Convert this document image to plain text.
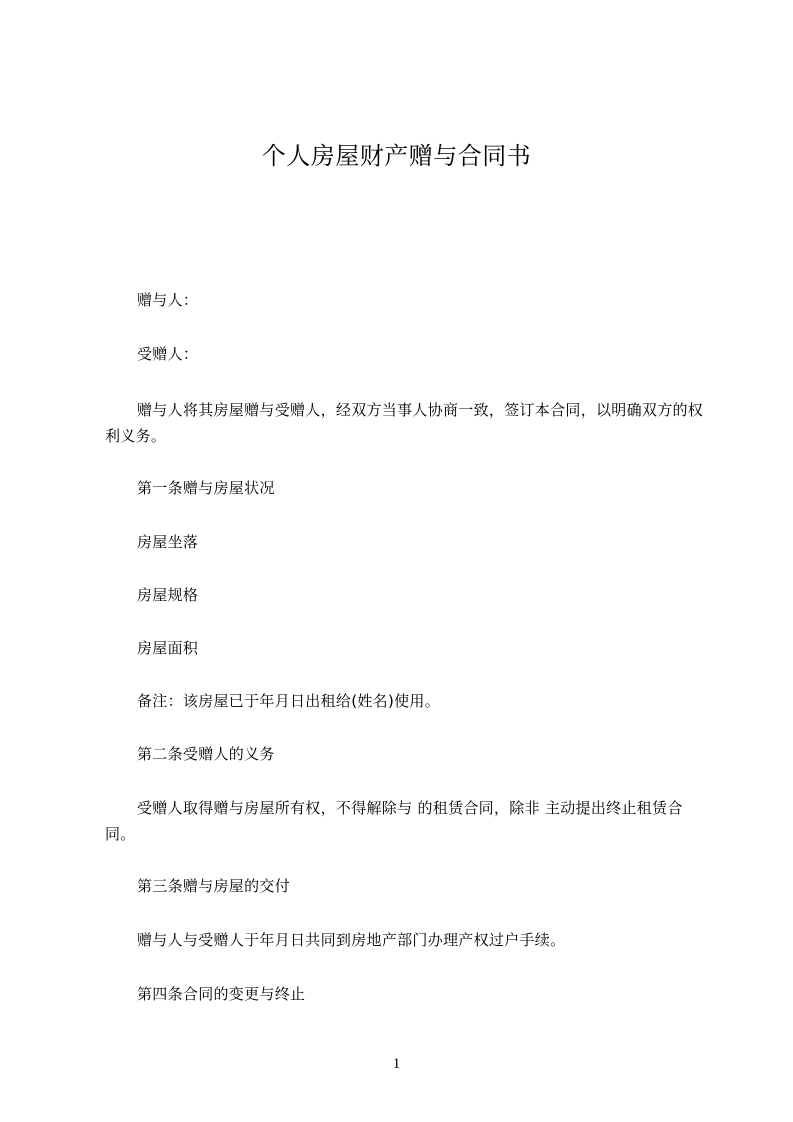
个人房屋财产赠与合同书
赠与人：
受赠人：
赠与人将其房屋赠与受赠人，经双方当事人协商一致，签订本合同，以明确双方的权利义务。
第一条赠与房屋状况
房屋坐落
房屋规格
房屋面积
备注：该房屋已于年月日出租给(姓名)使用。
第二条受赠人的义务
受赠人取得赠与房屋所有权，不得解除与 的租赁合同，除非 主动提出终止租赁合同。
第三条赠与房屋的交付
赠与人与受赠人于年月日共同到房地产部门办理产权过户手续。
第四条合同的变更与终止
1
